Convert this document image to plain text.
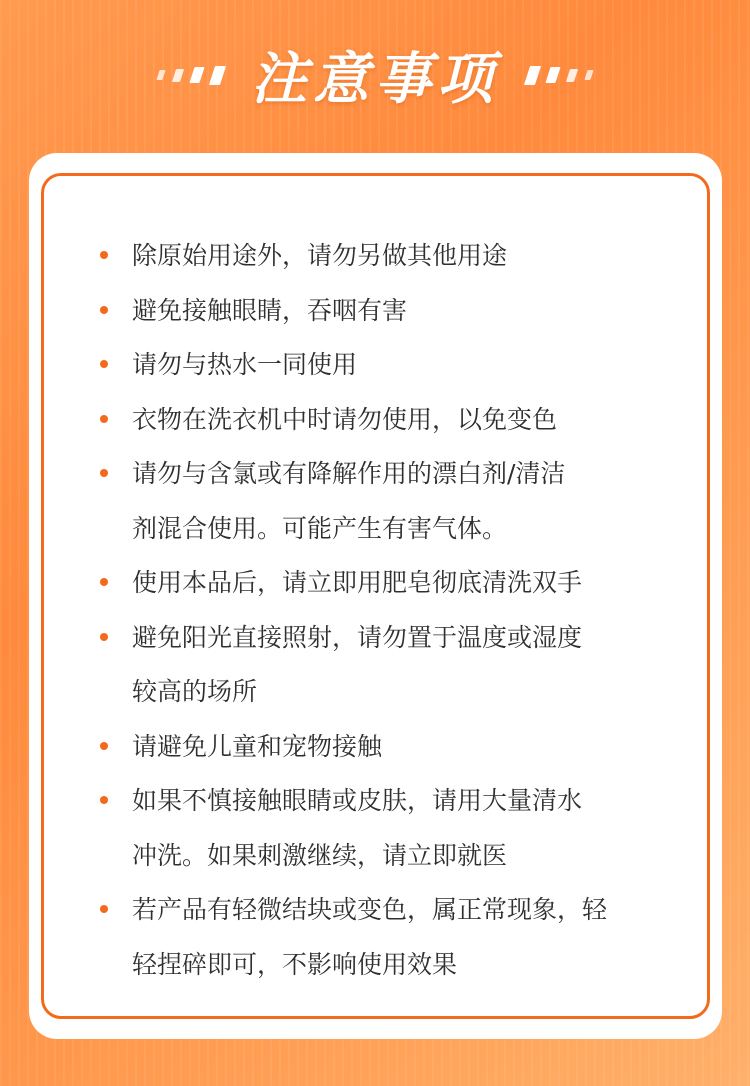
注意事项
除原始用途外，请勿另做其他用途
避免接触眼睛，吞咽有害
请勿与热水一同使用
衣物在洗衣机中时请勿使用，以免变色
请勿与含氯或有降解作用的漂白剂/清洁
剂混合使用。可能产生有害气体。
使用本品后，请立即用肥皂彻底清洗双手
避免阳光直接照射，请勿置于温度或湿度
较高的场所
请避免儿童和宠物接触
如果不慎接触眼睛或皮肤，请用大量清水
冲洗。如果刺激继续，请立即就医
若产品有轻微结块或变色，属正常现象，轻
轻捏碎即可，不影响使用效果
